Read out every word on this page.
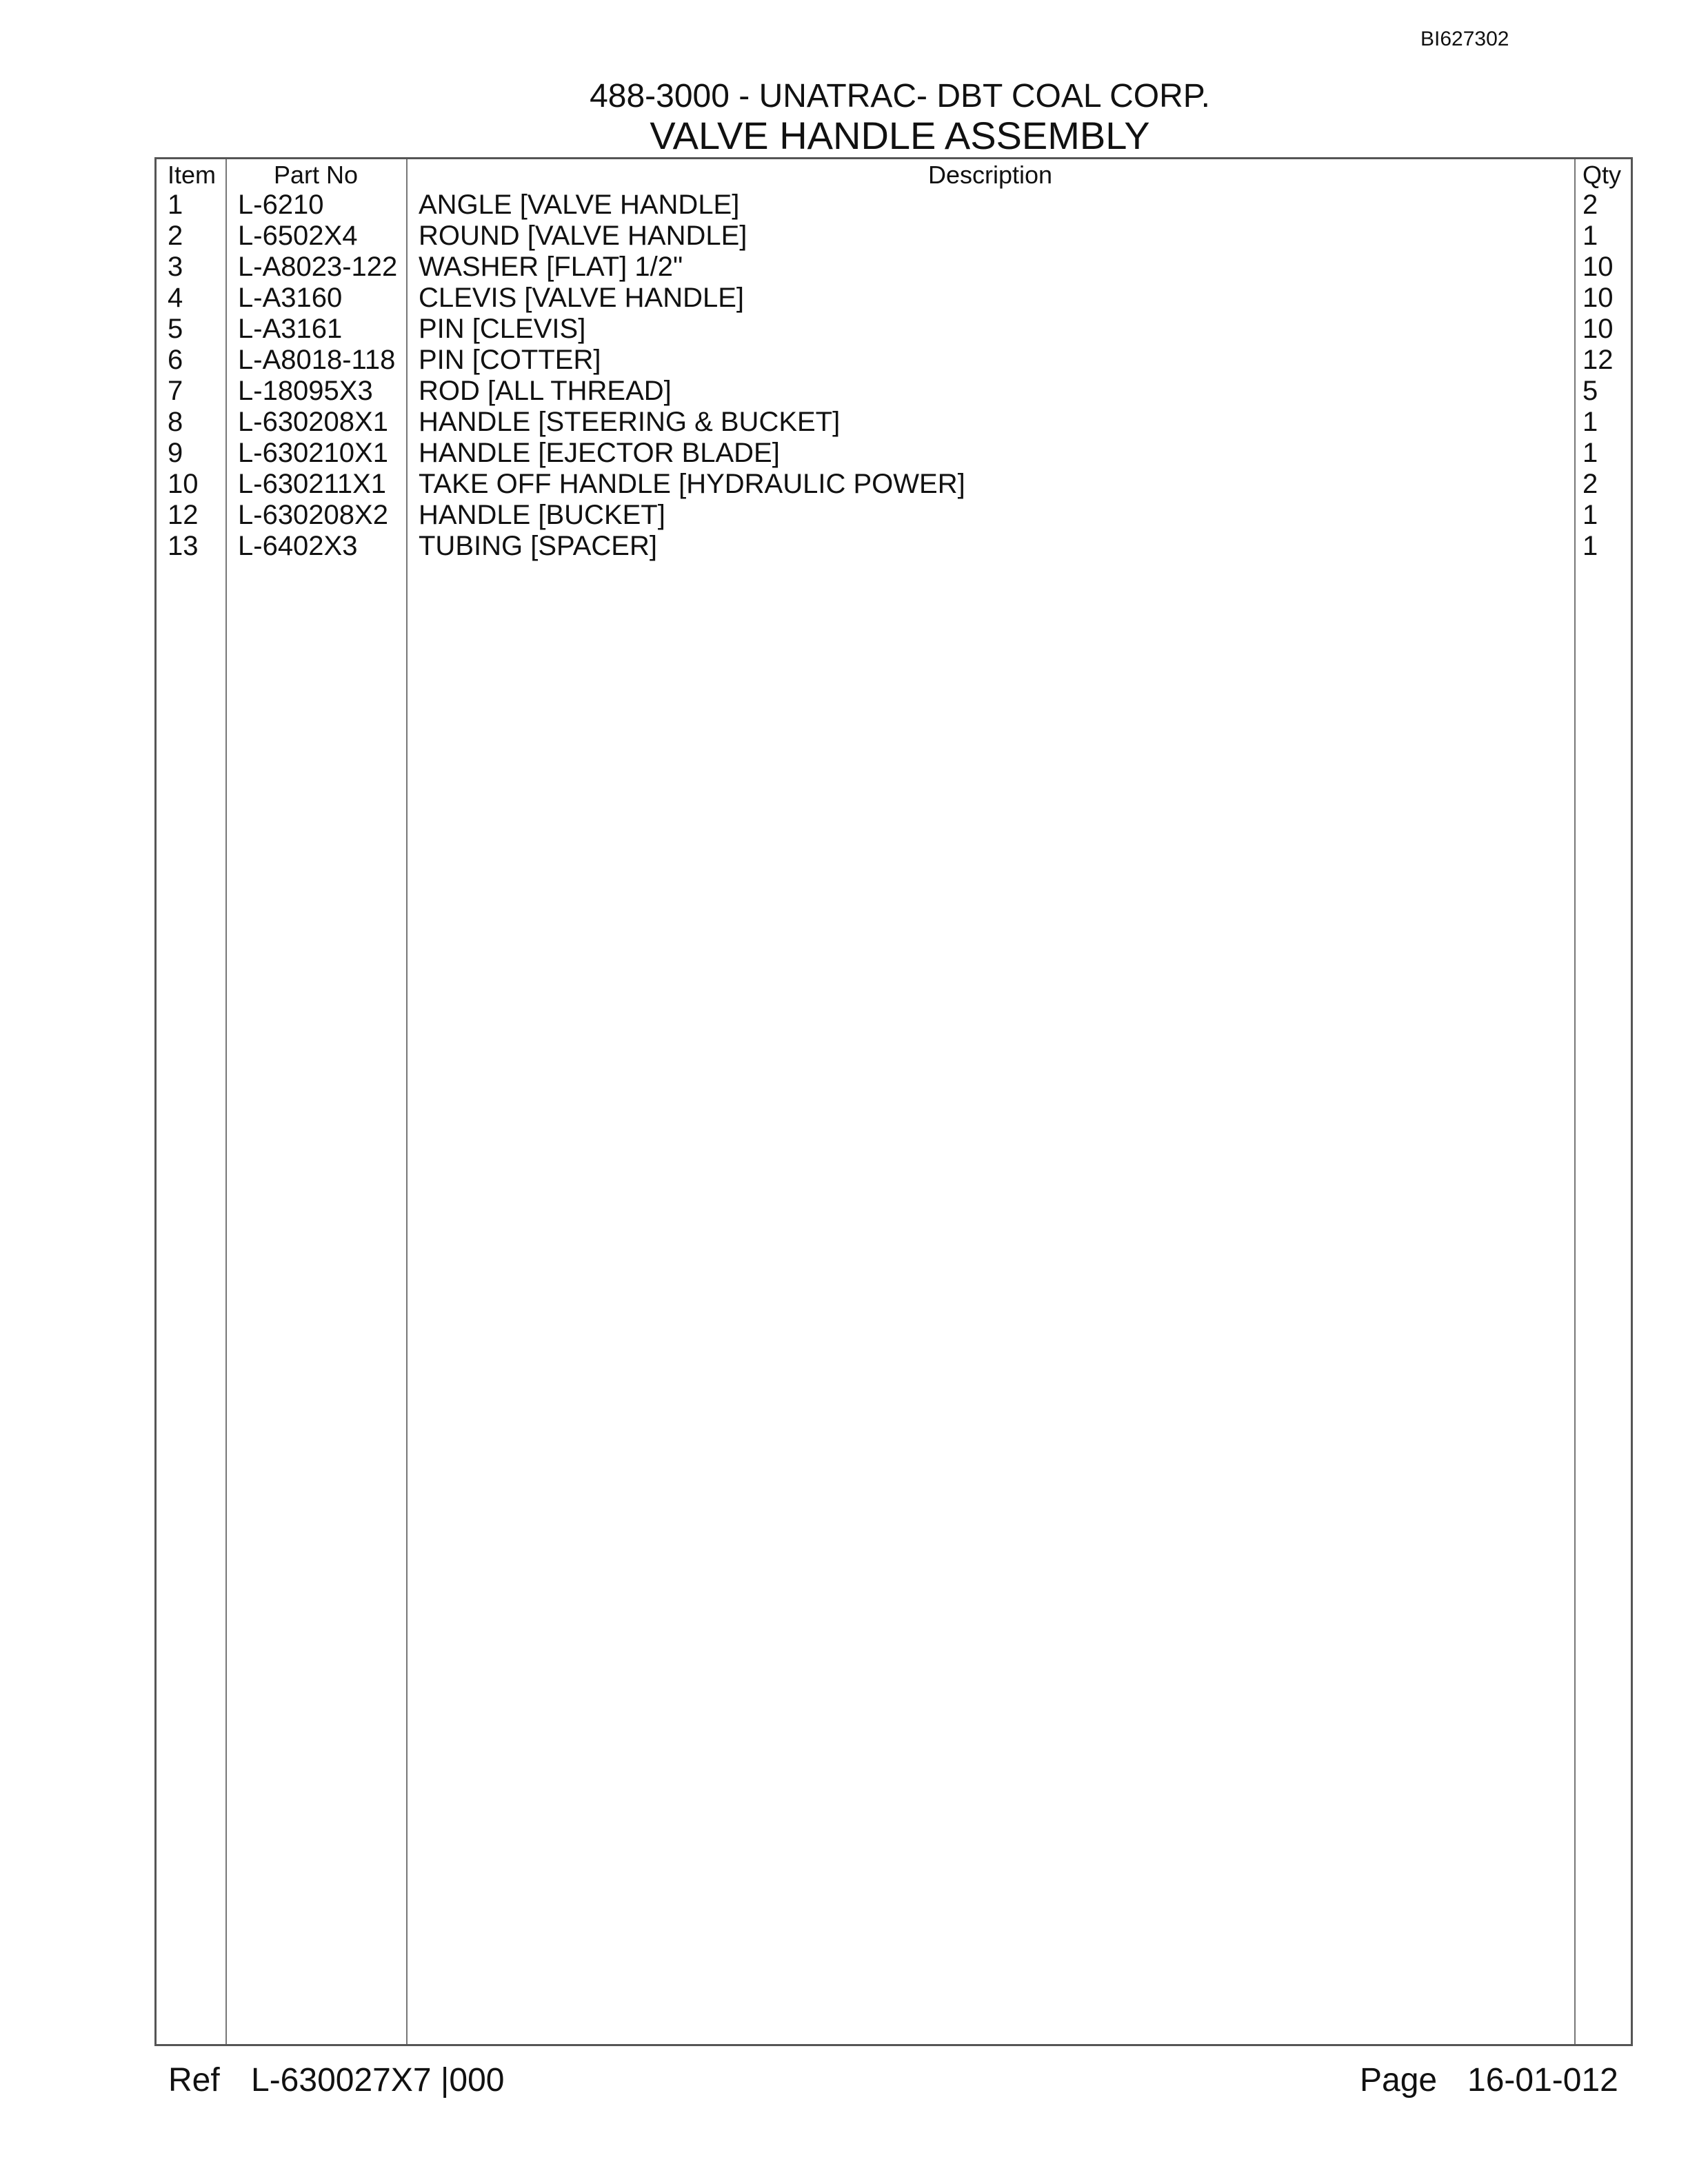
BI627302
488-3000 - UNATRAC- DBT COAL CORP.
VALVE HANDLE ASSEMBLY
Item	Part No	Description	Qty
1 L-6210	ANGLE [VALVE HANDLE]	2
2 L-6502X4 ROUND [VALVE HANDLE]	1
3 L-A8023-122 WASHER [FLAT] 1/2"	10
4 L-A3160	CLEVIS [VALVE HANDLE]	10
5 L-A3161	PIN [CLEVIS]	10
6 L-A8018-118 PIN [COTTER]	12
7 L-18095X3 ROD [ALL THREAD]	5
8 L-630208X1 HANDLE [STEERING & BUCKET]	1
9 L-630210X1 HANDLE [EJECTOR BLADE]	1
10 L-630211X1 TAKE OFF HANDLE [HYDRAULIC POWER]	2
12 L-630208X2 HANDLE [BUCKET]	1
13 L-6402X3 TUBING [SPACER]	1
Ref L-630027X7 |000	Page 16-01-012
